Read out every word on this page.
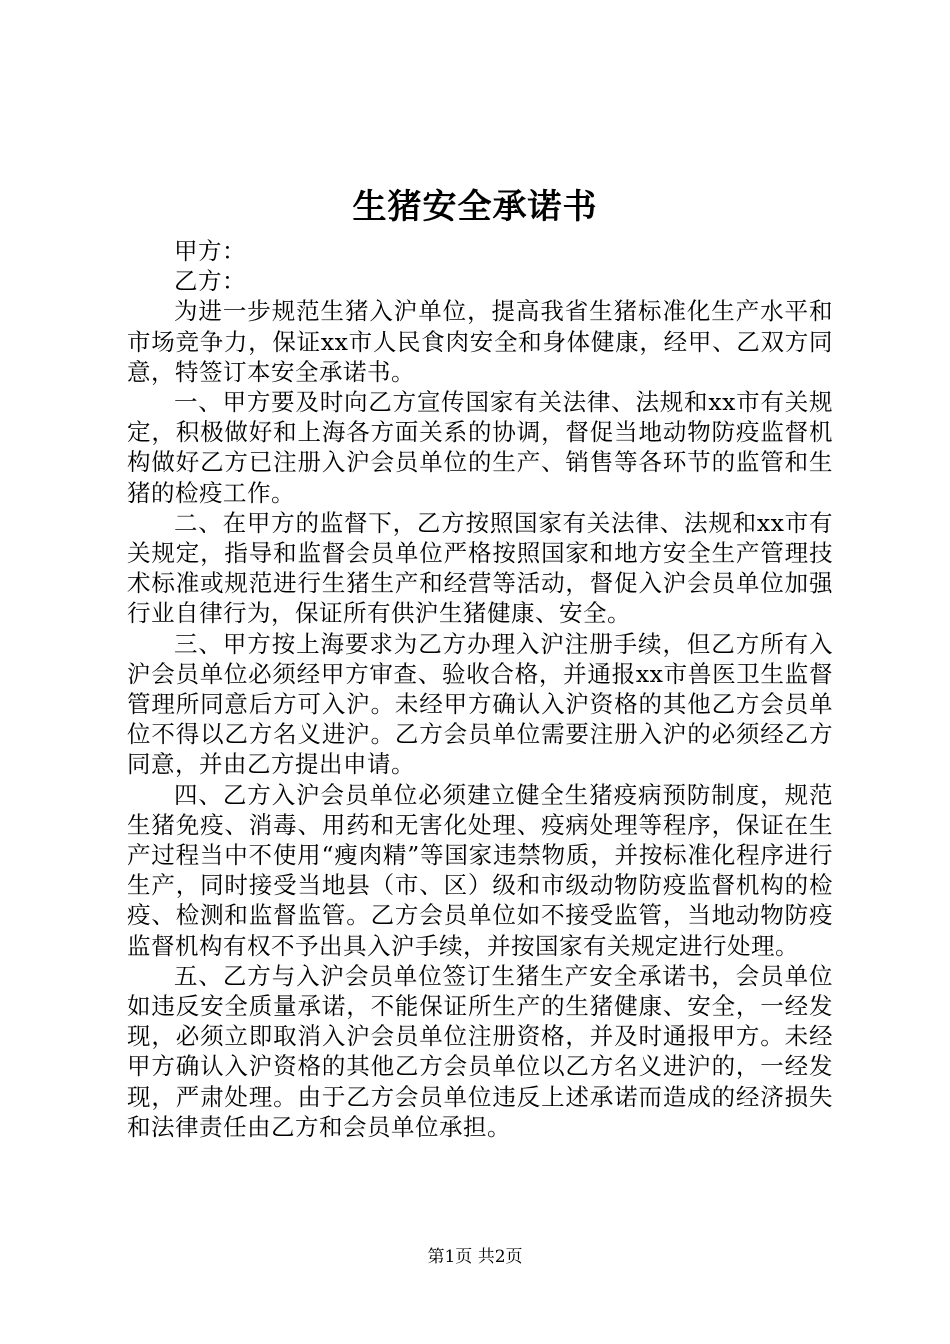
生猪安全承诺书

甲方：

乙方：

为进一步规范生猪入沪单位，提高我省生猪标准化生产水平和市场竞争力，保证xx市人民食肉安全和身体健康，经甲、乙双方同意，特签订本安全承诺书。

一、甲方要及时向乙方宣传国家有关法律、法规和xx市有关规定，积极做好和上海各方面关系的协调，督促当地动物防疫监督机构做好乙方已注册入沪会员单位的生产、销售等各环节的监管和生猪的检疫工作。

二、在甲方的监督下，乙方按照国家有关法律、法规和xx市有关规定，指导和监督会员单位严格按照国家和地方安全生产管理技术标准或规范进行生猪生产和经营等活动，督促入沪会员单位加强行业自律行为，保证所有供沪生猪健康、安全。

三、甲方按上海要求为乙方办理入沪注册手续，但乙方所有入沪会员单位必须经甲方审查、验收合格，并通报xx市兽医卫生监督管理所同意后方可入沪。未经甲方确认入沪资格的其他乙方会员单位不得以乙方名义进沪。乙方会员单位需要注册入沪的必须经乙方同意，并由乙方提出申请。

四、乙方入沪会员单位必须建立健全生猪疫病预防制度，规范生猪免疫、消毒、用药和无害化处理、疫病处理等程序，保证在生产过程当中不使用“瘦肉精”等国家违禁物质，并按标准化程序进行生产，同时接受当地县（市、区）级和市级动物防疫监督机构的检疫、检测和监督监管。乙方会员单位如不接受监管，当地动物防疫监督机构有权不予出具入沪手续，并按国家有关规定进行处理。

五、乙方与入沪会员单位签订生猪生产安全承诺书，会员单位如违反安全质量承诺，不能保证所生产的生猪健康、安全，一经发现，必须立即取消入沪会员单位注册资格，并及时通报甲方。未经甲方确认入沪资格的其他乙方会员单位以乙方名义进沪的，一经发现，严肃处理。由于乙方会员单位违反上述承诺而造成的经济损失和法律责任由乙方和会员单位承担。

第1页 共2页
